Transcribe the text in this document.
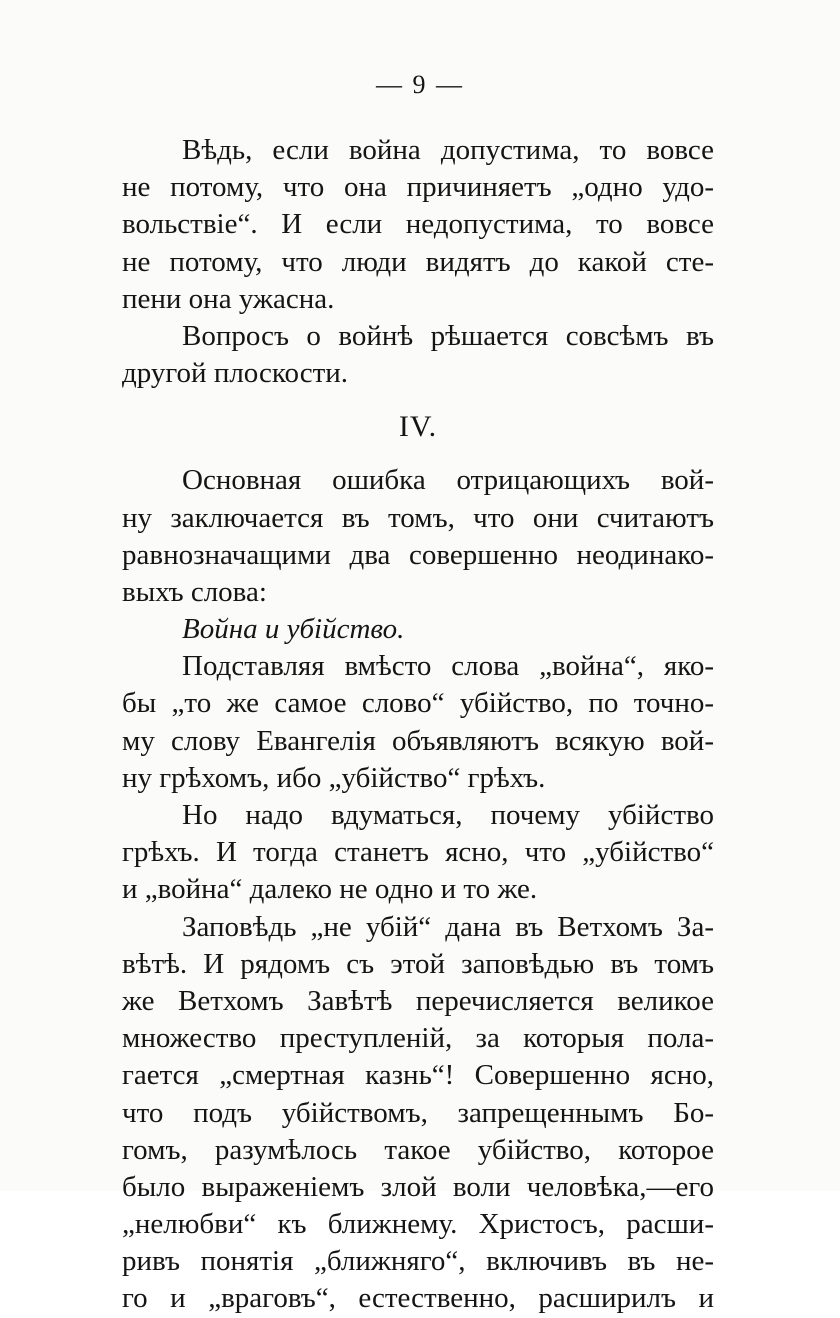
— 9 —
Вѣдь, если война допустима, то вовсе
не потому, что она причиняетъ „одно удо-
вольствіе“. И если недопустима, то вовсе
не потому, что люди видятъ до какой сте-
пени она ужасна.
Вопросъ о войнѣ рѣшается совсѣмъ въ
другой плоскости.
IV.
Основная ошибка отрицающихъ вой-
ну заключается въ томъ, что они считаютъ
равнозначащими два совершенно неодинако-
выхъ слова:
Война и убійство.
Подставляя вмѣсто слова „война“, яко-
бы „то же самое слово“ убійство, по точно-
му слову Евангелія объявляютъ всякую вой-
ну грѣхомъ, ибо „убійство“ грѣхъ.
Но надо вдуматься, почему убійство
грѣхъ. И тогда станетъ ясно, что „убійство“
и „война“ далеко не одно и то же.
Заповѣдь „не убій“ дана въ Ветхомъ За-
вѣтѣ. И рядомъ съ этой заповѣдью въ томъ
же Ветхомъ Завѣтѣ перечисляется великое
множество преступленій, за которыя пола-
гается „смертная казнь“! Совершенно ясно,
что подъ убійствомъ, запрещеннымъ Бо-
гомъ, разумѣлось такое убійство, которое
было выраженіемъ злой воли человѣка,—его
„нелюбви“ къ ближнему. Христосъ, расши-
ривъ понятія „ближняго“, включивъ въ не-
го и „враговъ“, естественно, расширилъ и
